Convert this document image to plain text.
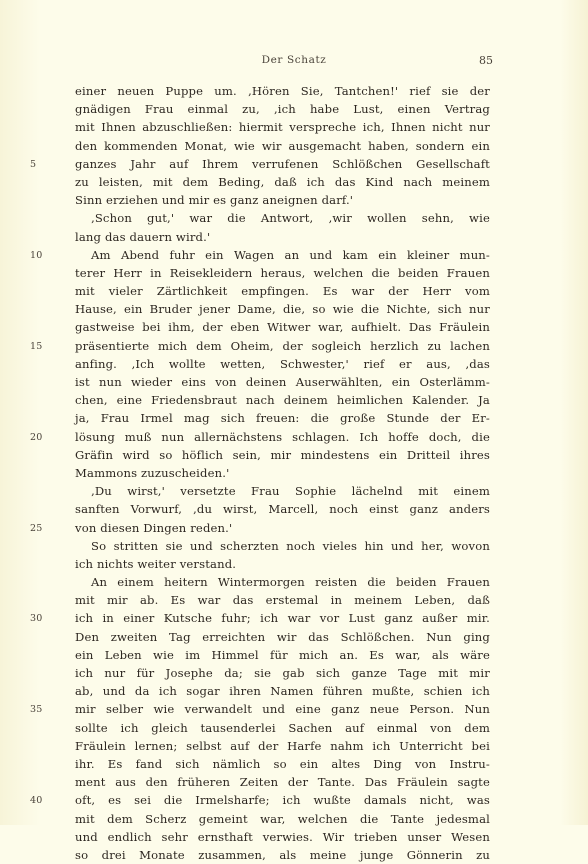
Der Schatz	85
einer neuen Puppe um. ‚Hören Sie, Tantchen!' rief sie der
gnädigen Frau einmal zu, ‚ich habe Lust, einen Vertrag
mit Ihnen abzuschließen: hiermit verspreche ich, Ihnen nicht nur
den kommenden Monat, wie wir ausgemacht haben, sondern ein
5	ganzes Jahr auf Ihrem verrufenen Schlößchen Gesellschaft
zu leisten, mit dem Beding, daß ich das Kind nach meinem
Sinn erziehen und mir es ganz aneignen darf.'
‚Schon gut,' war die Antwort, ‚wir wollen sehn, wie
lang das dauern wird.'
10	Am Abend fuhr ein Wagen an und kam ein kleiner mun-
terer Herr in Reisekleidern heraus, welchen die beiden Frauen
mit vieler Zärtlichkeit empfingen. Es war der Herr vom
Hause, ein Bruder jener Dame, die, so wie die Nichte, sich nur
gastweise bei ihm, der eben Witwer war, aufhielt. Das Fräulein
15	präsentierte mich dem Oheim, der sogleich herzlich zu lachen
anfing. ‚Ich wollte wetten, Schwester,' rief er aus, ‚das
ist nun wieder eins von deinen Auserwählten, ein Osterlämm-
chen, eine Friedensbraut nach deinem heimlichen Kalender. Ja
ja, Frau Irmel mag sich freuen: die große Stunde der Er-
20	lösung muß nun allernächstens schlagen. Ich hoffe doch, die
Gräfin wird so höflich sein, mir mindestens ein Dritteil ihres
Mammons zuzuscheiden.'
‚Du wirst,' versetzte Frau Sophie lächelnd mit einem
sanften Vorwurf, ‚du wirst, Marcell, noch einst ganz anders
25	von diesen Dingen reden.'
So stritten sie und scherzten noch vieles hin und her, wovon
ich nichts weiter verstand.
An einem heitern Wintermorgen reisten die beiden Frauen
mit mir ab. Es war das erstemal in meinem Leben, daß
30	ich in einer Kutsche fuhr; ich war vor Lust ganz außer mir.
Den zweiten Tag erreichten wir das Schlößchen. Nun ging
ein Leben wie im Himmel für mich an. Es war, als wäre
ich nur für Josephe da; sie gab sich ganze Tage mit mir
ab, und da ich sogar ihren Namen führen mußte, schien ich
35	mir selber wie verwandelt und eine ganz neue Person. Nun
sollte ich gleich tausenderlei Sachen auf einmal von dem
Fräulein lernen; selbst auf der Harfe nahm ich Unterricht bei
ihr. Es fand sich nämlich so ein altes Ding von Instru-
ment aus den früheren Zeiten der Tante. Das Fräulein sagte
40	oft, es sei die Irmelsharfe; ich wußte damals nicht, was
mit dem Scherz gemeint war, welchen die Tante jedesmal
und endlich sehr ernsthaft verwies. Wir trieben unser Wesen
so drei Monate zusammen, als meine junge Gönnerin zu
